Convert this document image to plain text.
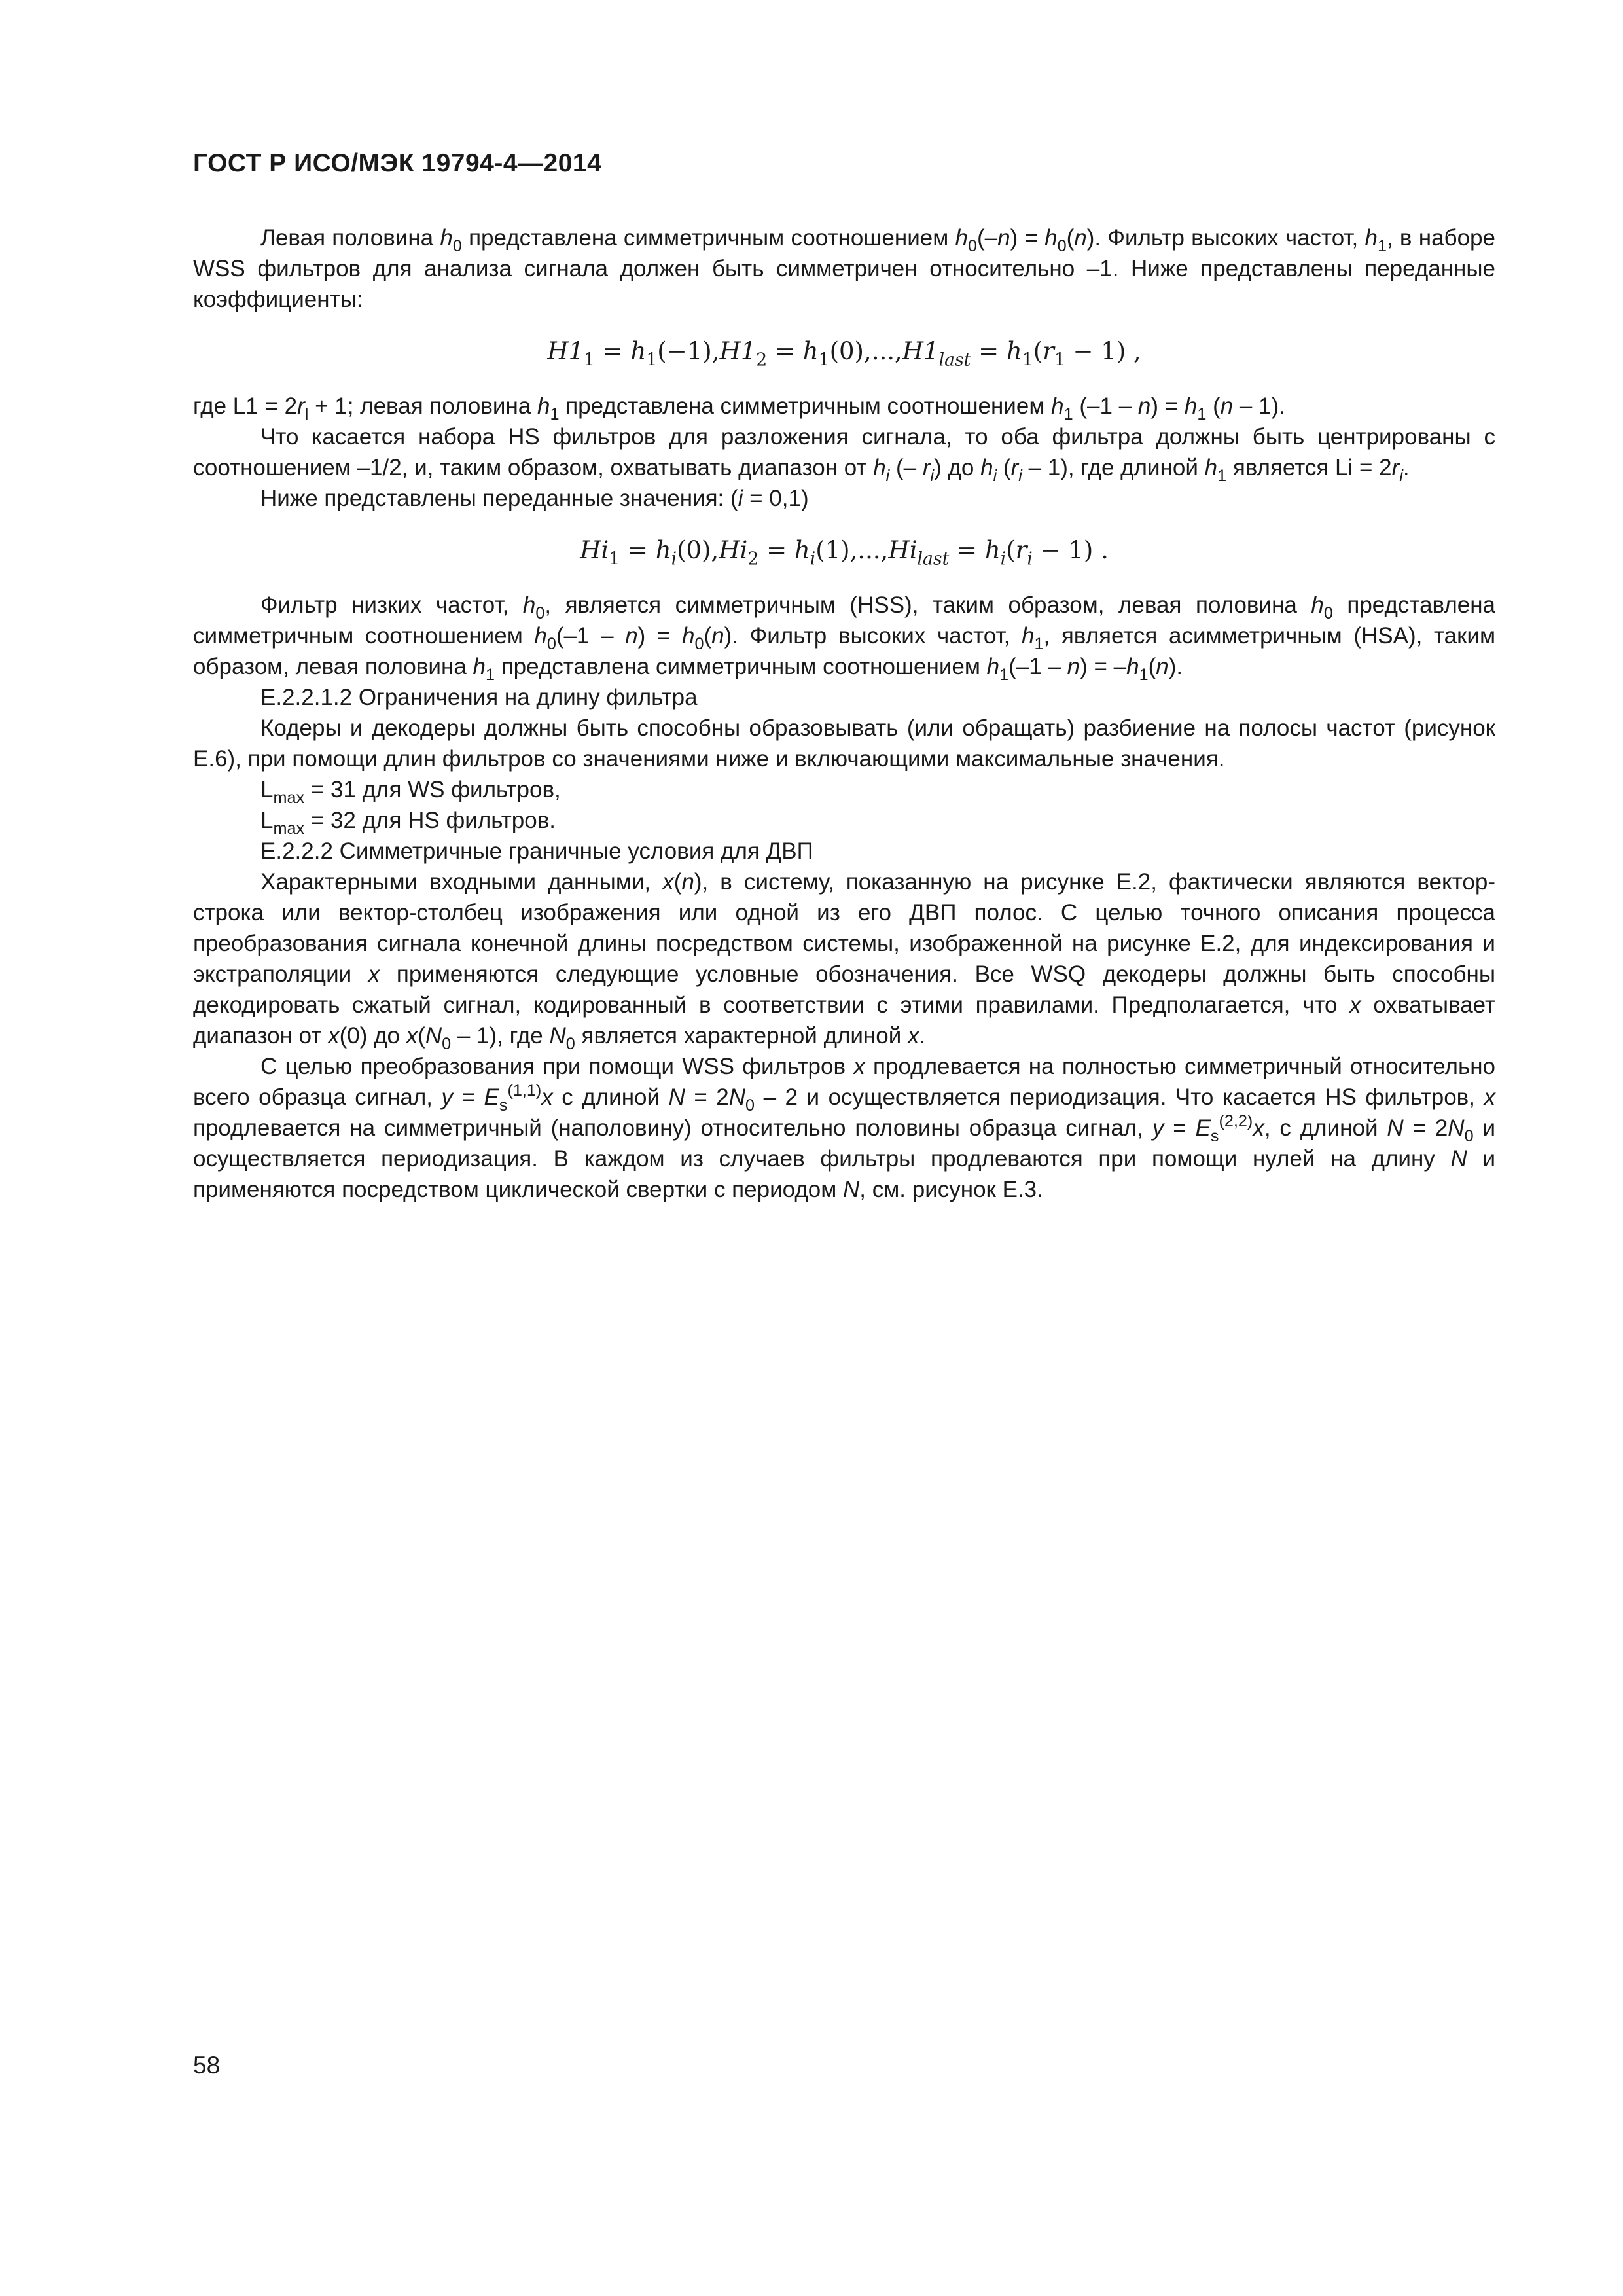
ГОСТ Р ИСО/МЭК 19794-4—2014

Левая половина $h_0$ представлена симметричным соотношением $h_0(-n) = h_0(n)$. Фильтр высоких частот, $h_1$, в наборе WSS фильтров для анализа сигнала должен быть симметричен относительно –1. Ниже представлены переданные коэффициенты:

$H1_1 = h_1(-1),H1_2 = h_1(0),...,H1_{last} = h_1(r_1 - 1)$ ,

где $L1 = 2r_l + 1$; левая половина $h_1$ представлена симметричным соотношением $h_1$ $(-1 - n) = h_1$ (n – 1).

Что касается набора HS фильтров для разложения сигнала, то оба фильтра должны быть центрированы с соотношением –1/2, и, таким образом, охватывать диапазон от $h_i$ (– $r_i$) до $h_i$ $(r_i - 1)$, где длиной $h_1$ является $Li = 2r_i$.

Ниже представлены переданные значения: (i = 0,1)

$Hi_1 = h_i(0),Hi_2 = h_i(1),...,Hi_{last} = h_i(r_i - 1)$ .

Фильтр низких частот, $h_0$, является симметричным (HSS), таким образом, левая половина $h_0$ представлена симметричным соотношением $h_0(-1 - n) = h_0(n)$. Фильтр высоких частот, $h_1$, является асимметричным (HSA), таким образом, левая половина $h_1$ представлена симметричным соотношением $h_1(-1 - n) = -h_1(n)$.

Е.2.2.1.2 Ограничения на длину фильтра

Кодеры и декодеры должны быть способны образовывать (или обращать) разбиение на полосы частот (рисунок Е.6), при помощи длин фильтров со значениями ниже и включающими максимальные значения.

$L_{max} = 31$ для WS фильтров,

$L_{max} = 32$ для HS фильтров.

Е.2.2.2 Симметричные граничные условия для ДВП

Характерными входными данными, x(n), в систему, показанную на рисунке Е.2, фактически являются вектор-строка или вектор-столбец изображения или одной из его ДВП полос. С целью точного описания процесса преобразования сигнала конечной длины посредством системы, изображенной на рисунке Е.2, для индексирования и экстраполяции x применяются следующие условные обозначения. Все WSQ декодеры должны быть способны декодировать сжатый сигнал, кодированный в соответствии с этими правилами. Предполагается, что x охватывает диапазон от x(0) до $x(N_0 - 1)$, где $N_0$ является характерной длиной x.

С целью преобразования при помощи WSS фильтров x продлевается на полностью симметричный относительно всего образца сигнал, $y = E_s^{(1,1)}x$ с длиной $N = 2N_0 - 2$ и осуществляется периодизация. Что касается HS фильтров, x продлевается на симметричный (наполовину) относительно половины образца сигнал, $y = E_s^{(2,2)}x$, с длиной $N = 2N_0$ и осуществляется периодизация. В каждом из случаев фильтры продлеваются при помощи нулей на длину N и применяются посредством циклической свертки с периодом N, см. рисунок Е.3.

58
